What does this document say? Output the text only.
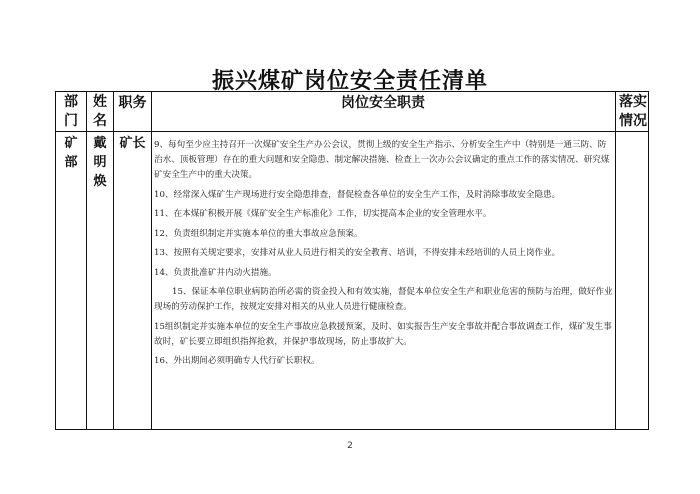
振兴煤矿岗位安全责任清单
部
门
姓
名
职务	岗位安全职责	落实
情况
矿
部
戴
明
焕
矿长 9、每旬至少应主持召开一次煤矿安全生产办公会议，贯彻上级的安全生产指示、分析安全生产中（特别是一通三防、防治水、顶板管理）存在的重大问题和安全隐患、制定解决措施、检查上一次办公会议确定的重点工作的落实情况、研究煤矿安全生产中的重大决策。

10、经常深入煤矿生产现场进行安全隐患排查，督促检查各单位的安全生产工作，及时消除事故安全隐患。

11、在本煤矿积极开展《煤矿安全生产标准化》工作，切实提高本企业的安全管理水平。

12、负责组织制定并实施本单位的重大事故应急预案。

13、按照有关规定要求，安排对从业人员进行相关的安全教育、培训，不得安排未经培训的人员上岗作业。

14、负责批准矿井内动火措施。

15、保证本单位职业病防治所必需的资金投入和有效实施，督促本单位安全生产和职业危害的预防与治理，做好作业现场的劳动保护工作，按规定安排对相关的从业人员进行健康检查。

15组织制定并实施本单位的安全生产事故应急救援预案，及时、如实报告生产安全事故并配合事故调查工作，煤矿发生事故时，矿长要立即组织指挥抢救，并保护事故现场，防止事故扩大。

16、外出期间必须明确专人代行矿长职权。

2
